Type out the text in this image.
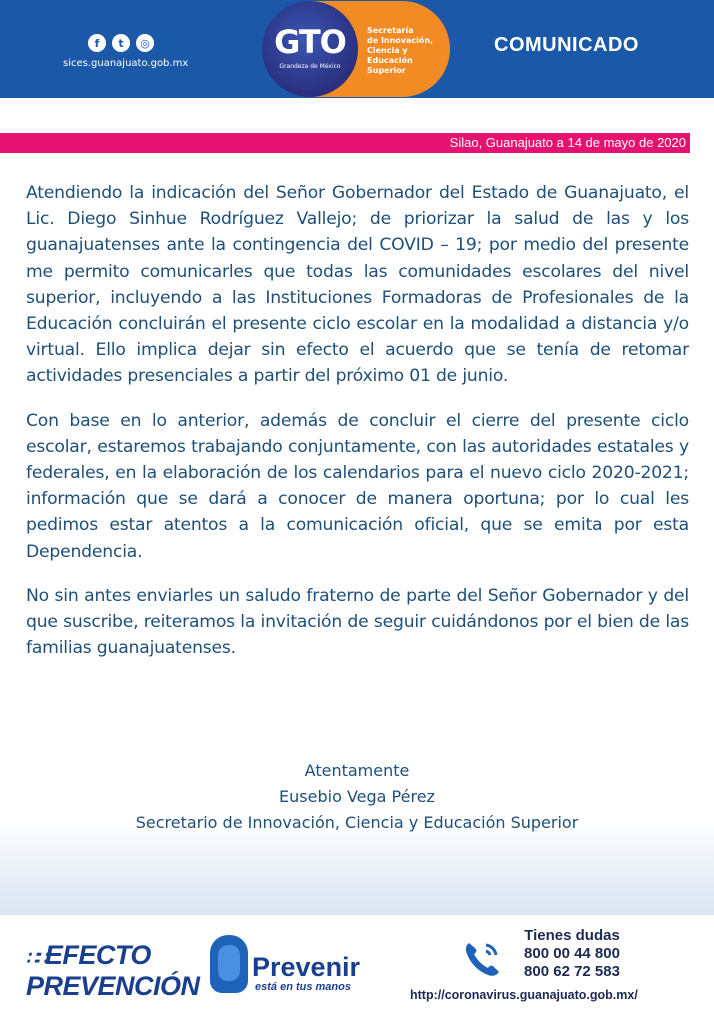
f	t	◎
sices.guanajuato.gob.mx
GTO
Grandeza de México
Secretaría
de Innovación,
Ciencia y
Educación
Superior
COMUNICADO
Silao, Guanajuato a 14 de mayo de 2020

Atendiendo la indicación del Señor Gobernador del Estado de Guanajuato, el Lic. Diego Sinhue Rodríguez Vallejo; de priorizar la salud de las y los guanajuatenses ante la contingencia del COVID – 19; por medio del presente me permito comunicarles que todas las comunidades escolares del nivel superior, incluyendo a las Instituciones Formadoras de Profesionales de la Educación concluirán el presente ciclo escolar en la modalidad a distancia y/o virtual. Ello implica dejar sin efecto el acuerdo que se tenía de retomar actividades presenciales a partir del próximo 01 de junio.

Con base en lo anterior, además de concluir el cierre del presente ciclo escolar, estaremos trabajando conjuntamente, con las autoridades estatales y federales, en la elaboración de los calendarios para el nuevo ciclo 2020-2021; información que se dará a conocer de manera oportuna; por lo cual les pedimos estar atentos a la comunicación oficial, que se emita por esta Dependencia.

No sin antes enviarles un saludo fraterno de parte del Señor Gobernador y del que suscribe, reiteramos la invitación de seguir cuidándonos por el bien de las familias guanajuatenses.

Atentamente
Eusebio Vega Pérez
Secretario de Innovación, Ciencia y Educación Superior
∷∷EFECTO
PREVENCIÓN
Prevenir
está en tus manos
Tienes dudas
800 00 44 800
800 62 72 583
http://coronavirus.guanajuato.gob.mx/
